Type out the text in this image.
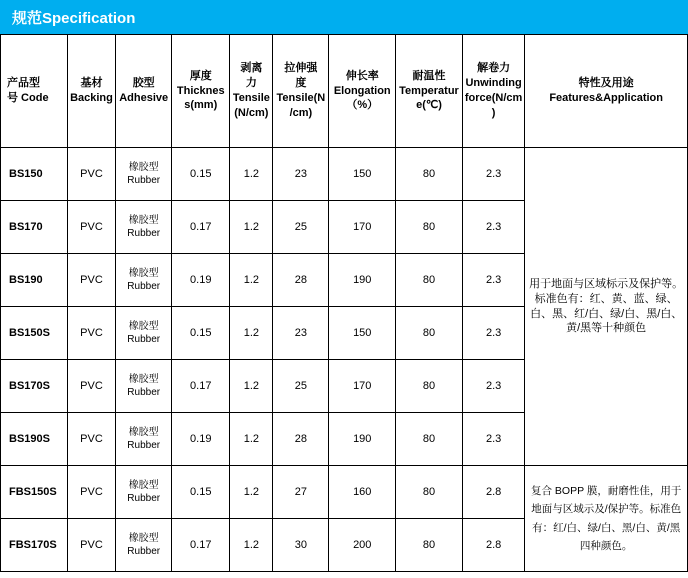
规范Specification
产品型
号 Code

基材
Backing

胶型
Adhesive

厚度
Thickness(mm)

剥离
力
Tensile(N/cm)

拉伸强
度
Tensile(N/cm)

伸长率
Elongation（%）

耐温性
Temperature(℃)

解卷力
Unwinding force(N/cm)

特性及用途
Features&Application

BS150	PVC	橡胶型
Rubber	0.15	1.2	23	150	80	2.3	用于地面与区域标示及保护等。标准色有：红、黄、蓝、绿、白、黑、红/白、绿/白、黑/白、黄/黑等十种颜色
BS170	PVC	橡胶型
Rubber	0.17	1.2	25	170	80	2.3	
BS190	PVC	橡胶型
Rubber	0.19	1.2	28	190	80	2.3	
BS150S	PVC	橡胶型
Rubber	0.15	1.2	23	150	80	2.3	
BS170S	PVC	橡胶型
Rubber	0.17	1.2	25	170	80	2.3	
BS190S	PVC	橡胶型
Rubber	0.19	1.2	28	190	80	2.3	
FBS150S	PVC	橡胶型
Rubber	0.15	1.2	27	160	80	2.8	复合 BOPP 膜，耐磨性佳，用于地面与区域示及/保护等。标准色有：红/白、绿/白、黑/白、黄/黑四种颜色。
FBS170S	PVC	橡胶型
Rubber	0.17	1.2	30	200	80	2.8	
